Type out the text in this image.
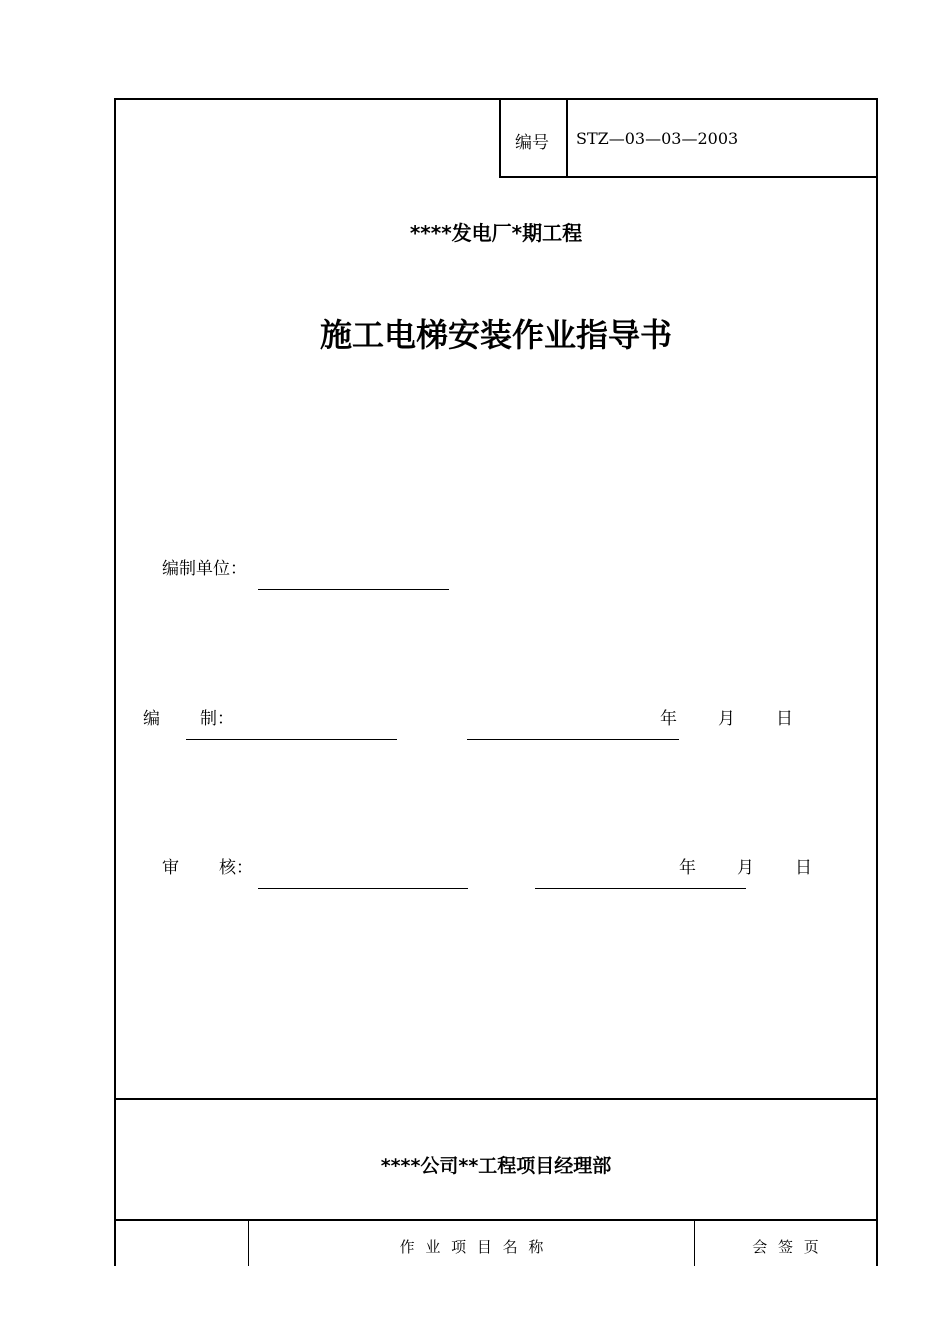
编号 STZ—03—03—2003
****发电厂*期工程
施工电梯安装作业指导书
编制单位：
编 制：	年 月 日
审 核：	年 月 日
****公司**工程项目经理部
作 业 项 目 名 称	会 签 页
